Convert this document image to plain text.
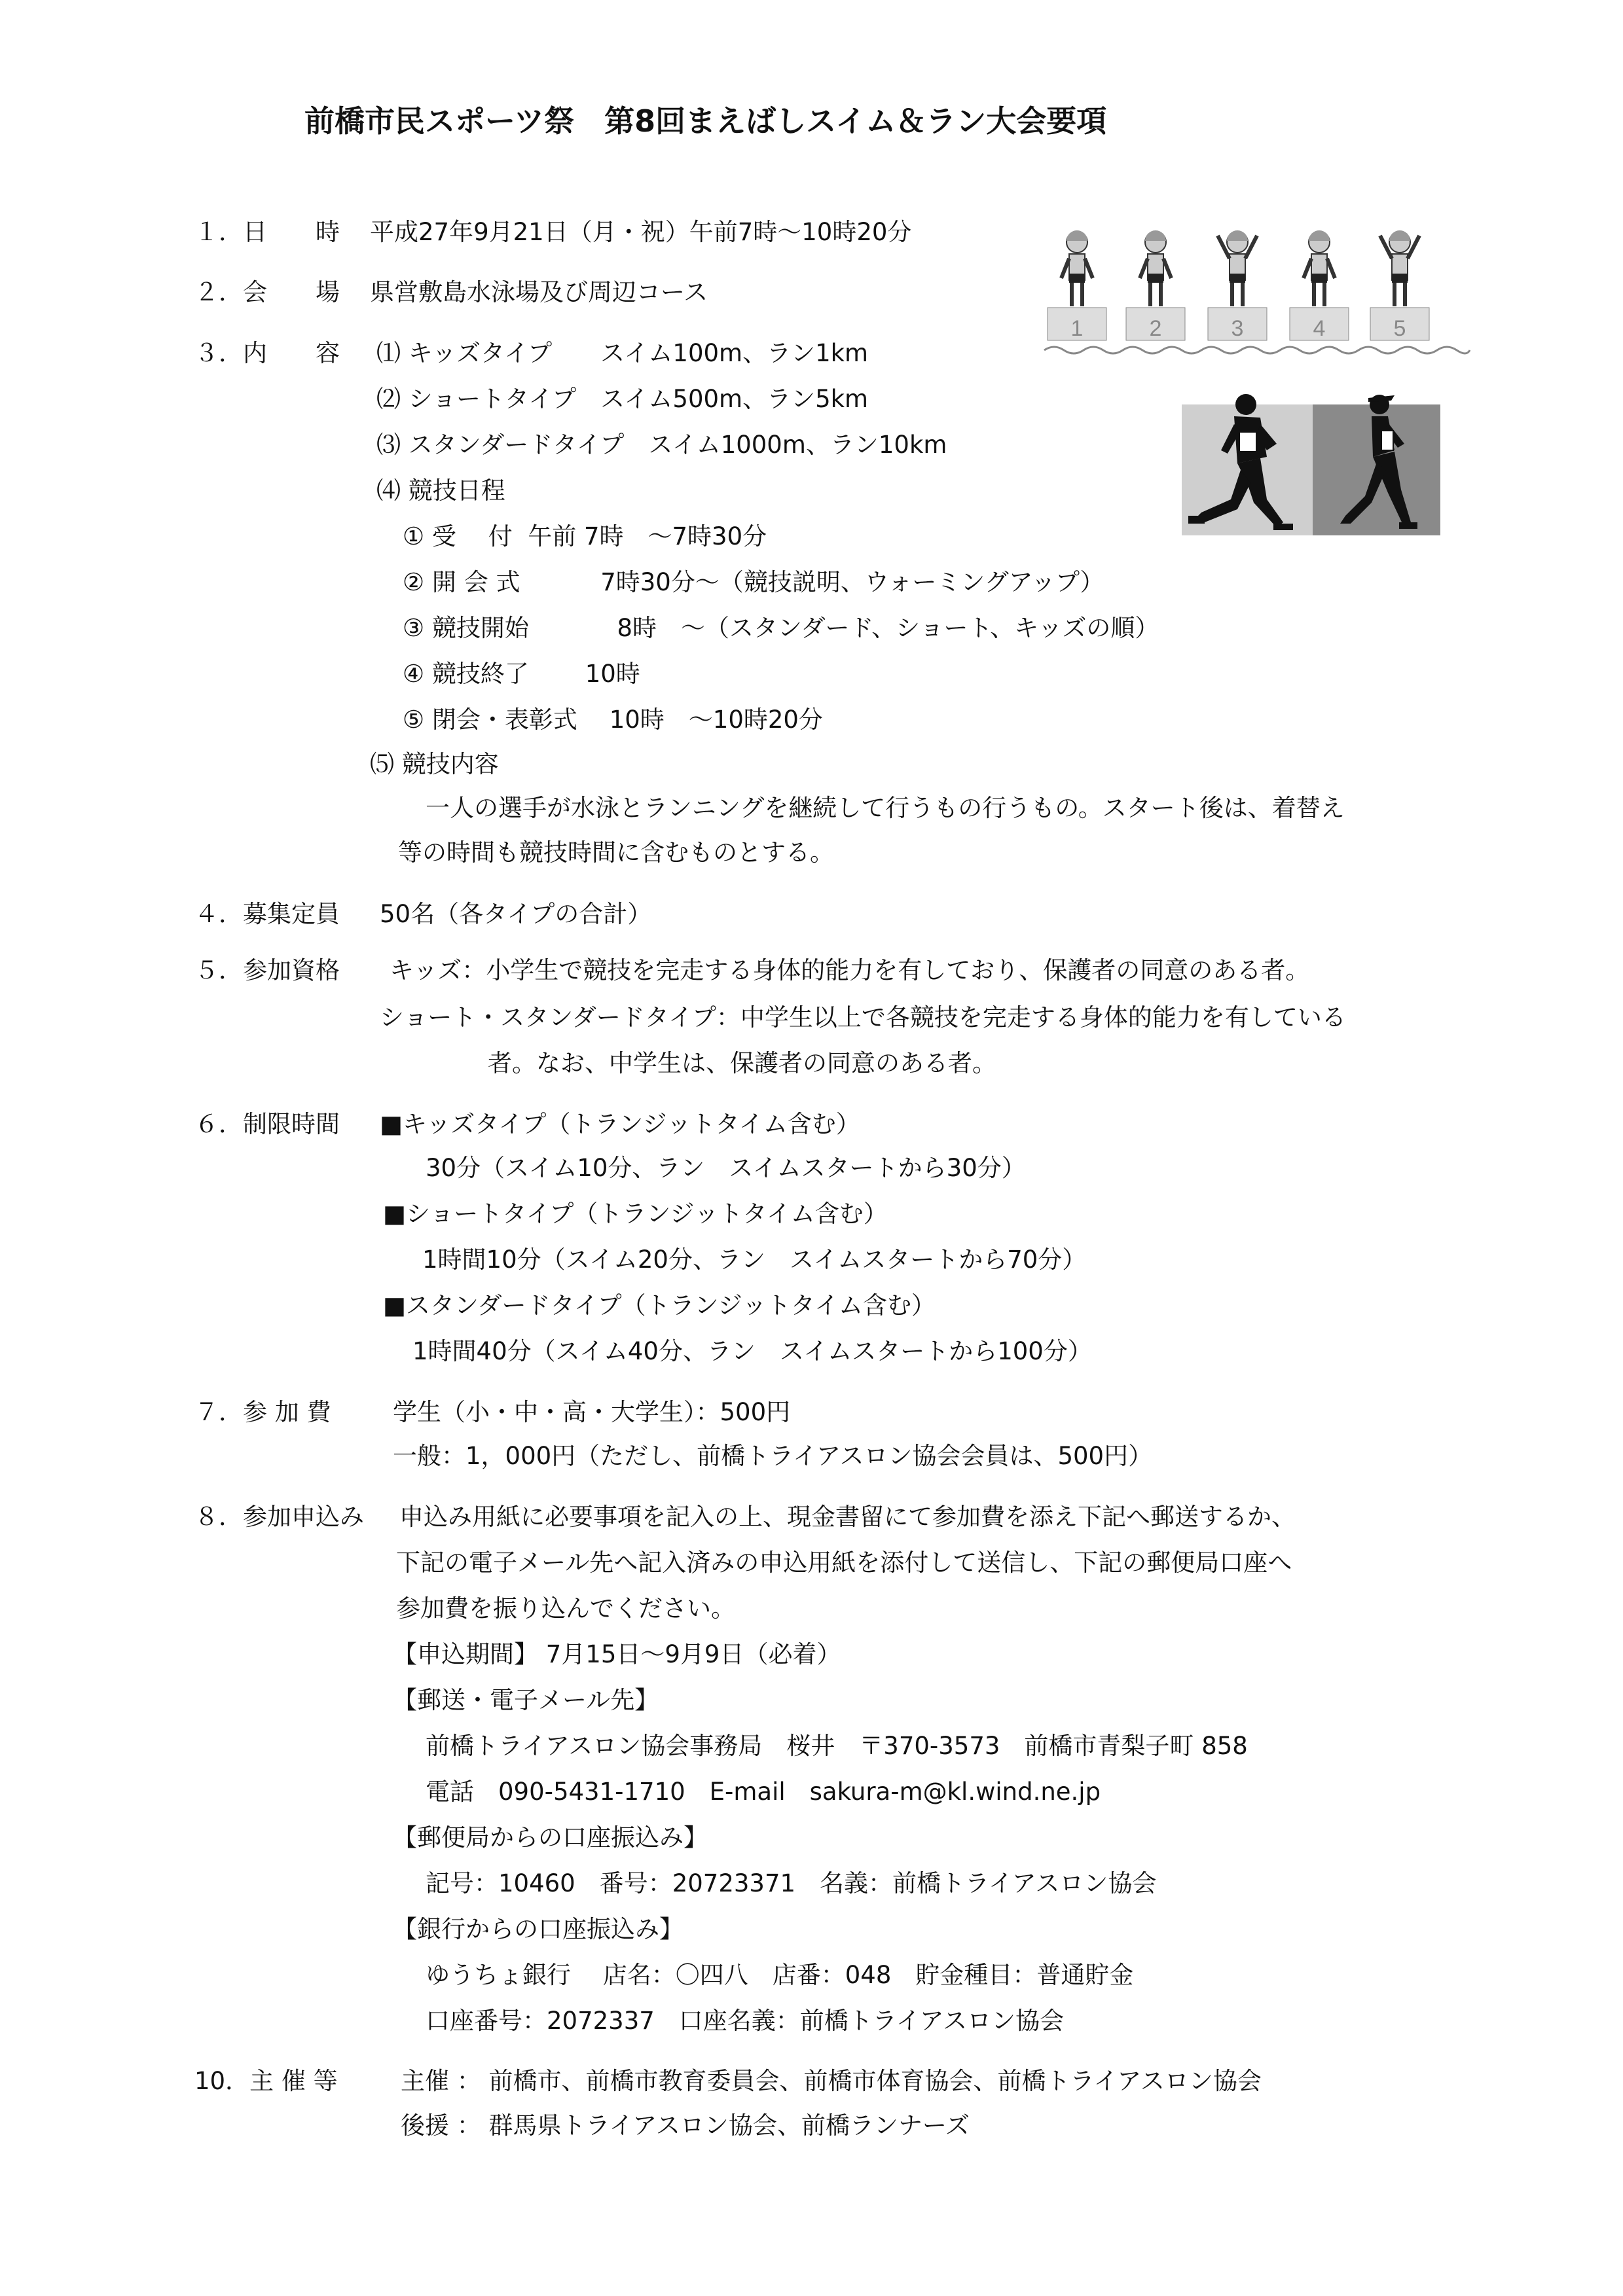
前橋市民スポーツ祭　第8回まえばしスイム＆ラン大会要項
１．日　　時 平成27年9月21日（月・祝）午前7時～10時20分
２．会　　場 県営敷島水泳場及び周辺コース
３．内　　容 ⑴ キッズタイプ　　スイム100m、ラン1km
⑵ ショートタイプ　スイム500m、ラン5km
⑶ スタンダードタイプ　スイム1000m、ラン10km
⑷ 競技日程
① 受　 付  午前 7時　～7時30分
② 開 会 式　　 　7時30分～（競技説明、ウォーミングアップ）
③ 競技開始　　  　8時　～（スタンダード、ショート、キッズの順）
④ 競技終了　 　10時
⑤ 閉会・表彰式　 10時　～10時20分
⑸ 競技内容
一人の選手が水泳とランニングを継続して行うもの行うもの。スタート後は、着替え
等の時間も競技時間に含むものとする。
４．募集定員 50名（各タイプの合計）
５．参加資格 キッズ：小学生で競技を完走する身体的能力を有しており、保護者の同意のある者。
ショート・スタンダードタイプ：中学生以上で各競技を完走する身体的能力を有している
者。なお、中学生は、保護者の同意のある者。
６．制限時間 ■キッズタイプ（トランジットタイム含む）
30分（スイム10分、ラン　スイムスタートから30分）
■ショートタイプ（トランジットタイム含む）
1時間10分（スイム20分、ラン　スイムスタートから70分）
■スタンダードタイプ（トランジットタイム含む）
1時間40分（スイム40分、ラン　スイムスタートから100分）
７．参 加 費	学生（小・中・高・大学生）：500円
一般：1，000円（ただし、前橋トライアスロン協会会員は、500円）
８．参加申込み 申込み用紙に必要事項を記入の上、現金書留にて参加費を添え下記へ郵送するか、
下記の電子メール先へ記入済みの申込用紙を添付して送信し、下記の郵便局口座へ
参加費を振り込んでください。
【申込期間】 7月15日～9月9日（必着）
【郵送・電子メール先】
前橋トライアスロン協会事務局　桜井　〒370-3573　前橋市青梨子町 858
電話　090-5431-1710　E-mail　sakura-m@kl.wind.ne.jp
【郵便局からの口座振込み】
記号：10460　番号：20723371　名義：前橋トライアスロン協会
【銀行からの口座振込み】
ゆうちょ銀行　 店名：〇四八　店番：048　貯金種目：普通貯金
口座番号：2072337　口座名義：前橋トライアスロン協会
10．主 催 等	主催 ： 前橋市、前橋市教育委員会、前橋市体育協会、前橋トライアスロン協会
後援 ： 群馬県トライアスロン協会、前橋ランナーズ
1	2	3	4	5
